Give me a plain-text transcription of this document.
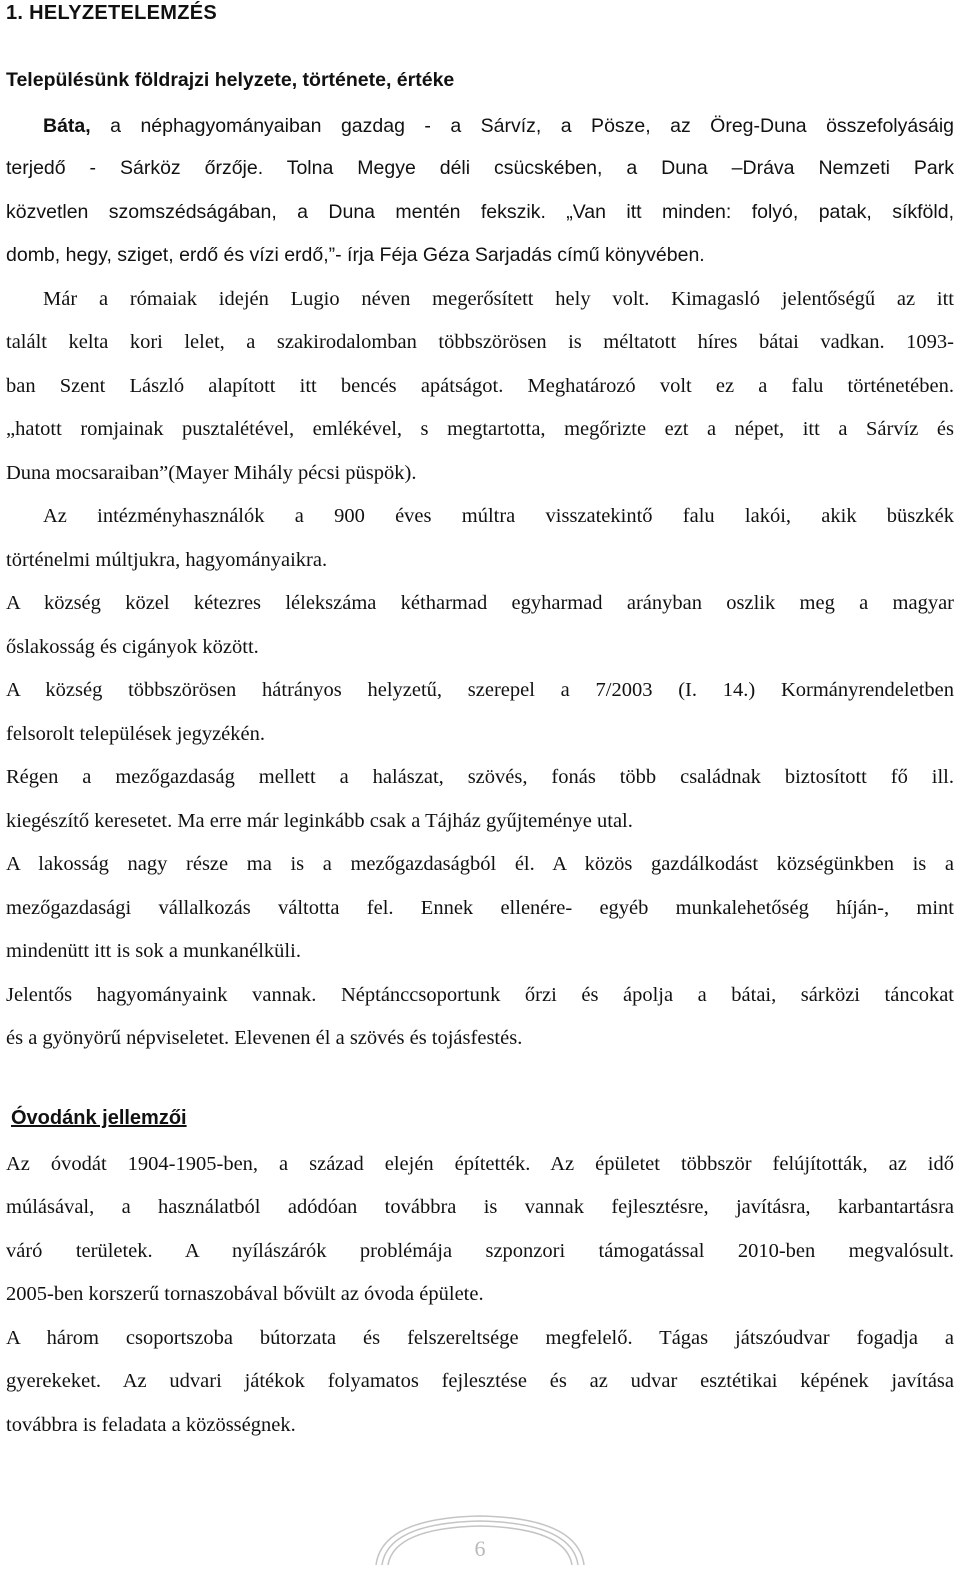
1. HELYZETELEMZÉS
Településünk földrajzi helyzete, története, értéke
Báta, a néphagyományaiban gazdag - a Sárvíz, a Pösze, az Öreg-Duna összefolyásáig
terjedő - Sárköz őrzője. Tolna Megye déli csücskében, a Duna –Dráva Nemzeti Park
közvetlen szomszédságában, a Duna mentén fekszik. „Van itt minden: folyó, patak, síkföld,
domb, hegy, sziget, erdő és vízi erdő,”- írja Féja Géza Sarjadás című könyvében.
Már a rómaiak idején Lugio néven megerősített hely volt. Kimagasló jelentőségű az itt
talált kelta kori lelet, a szakirodalomban többszörösen is méltatott híres bátai vadkan. 1093-
ban Szent László alapított itt bencés apátságot. Meghatározó volt ez a falu történetében.
„hatott romjainak pusztalétével, emlékével, s megtartotta, megőrizte ezt a népet, itt a Sárvíz és
Duna mocsaraiban”(Mayer Mihály pécsi püspök).
Az intézményhasználók a 900 éves múltra visszatekintő falu lakói, akik büszkék
történelmi múltjukra, hagyományaikra.
A község közel kétezres lélekszáma kétharmad egyharmad arányban oszlik meg a magyar
őslakosság és cigányok között.
A község többszörösen hátrányos helyzetű, szerepel a 7/2003 (I. 14.) Kormányrendeletben
felsorolt települések jegyzékén.
Régen a mezőgazdaság mellett a halászat, szövés, fonás több családnak biztosított fő ill.
kiegészítő keresetet. Ma erre már leginkább csak a Tájház gyűjteménye utal.
A lakosság nagy része ma is a mezőgazdaságból él. A közös gazdálkodást községünkben is a
mezőgazdasági vállalkozás váltotta fel. Ennek ellenére- egyéb munkalehetőség híján-, mint
mindenütt itt is sok a munkanélküli.
Jelentős hagyományaink vannak. Néptánccsoportunk őrzi és ápolja a bátai, sárközi táncokat
és a gyönyörű népviseletet. Elevenen él a szövés és tojásfestés.
Óvodánk jellemzői
Az óvodát 1904-1905-ben, a század elején építették. Az épületet többször felújították, az idő
múlásával, a használatból adódóan továbbra is vannak fejlesztésre, javításra, karbantartásra
váró területek. A nyílászárók problémája szponzori támogatással 2010-ben megvalósult.
2005-ben korszerű tornaszobával bővült az óvoda épülete.
A három csoportszoba bútorzata és felszereltsége megfelelő. Tágas játszóudvar fogadja a
gyerekeket. Az udvari játékok folyamatos fejlesztése és az udvar esztétikai képének javítása
továbbra is feladata a közösségnek.
6
